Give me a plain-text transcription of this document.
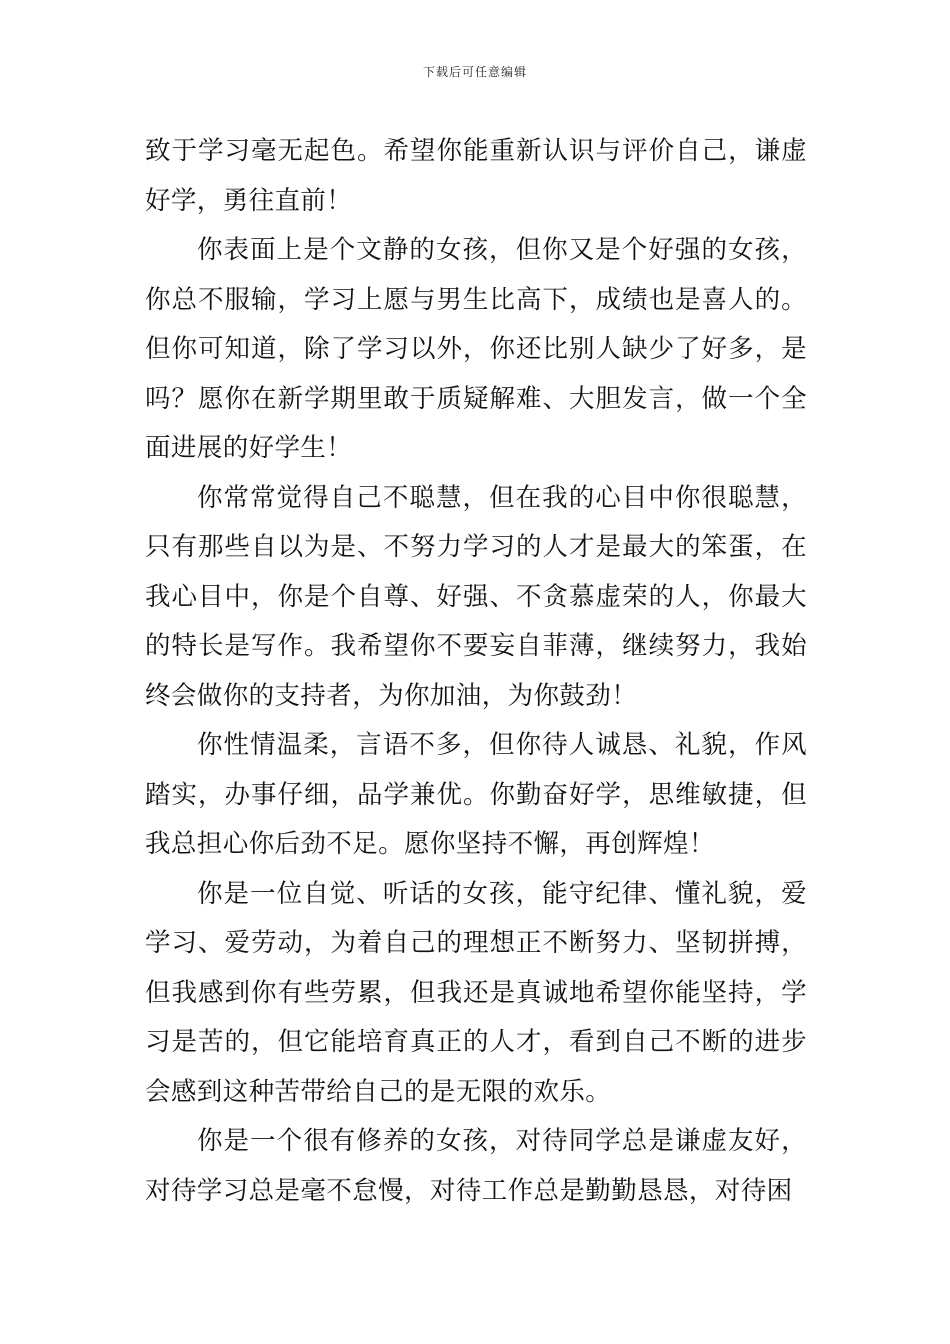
下载后可任意编辑

致于学习毫无起色。希望你能重新认识与评价自己，谦虚好学，勇往直前！

你表面上是个文静的女孩，但你又是个好强的女孩，你总不服输，学习上愿与男生比高下，成绩也是喜人的。但你可知道，除了学习以外，你还比别人缺少了好多，是吗？愿你在新学期里敢于质疑解难、大胆发言，做一个全面进展的好学生！

你常常觉得自己不聪慧，但在我的心目中你很聪慧，只有那些自以为是、不努力学习的人才是最大的笨蛋，在我心目中，你是个自尊、好强、不贪慕虚荣的人，你最大的特长是写作。我希望你不要妄自菲薄，继续努力，我始终会做你的支持者，为你加油，为你鼓劲！

你性情温柔，言语不多，但你待人诚恳、礼貌，作风踏实，办事仔细，品学兼优。你勤奋好学，思维敏捷，但我总担心你后劲不足。愿你坚持不懈，再创辉煌！

你是一位自觉、听话的女孩，能守纪律、懂礼貌，爱学习、爱劳动，为着自己的理想正不断努力、坚韧拼搏，但我感到你有些劳累，但我还是真诚地希望你能坚持，学习是苦的，但它能培育真正的人才，看到自己不断的进步会感到这种苦带给自己的是无限的欢乐。

你是一个很有修养的女孩，对待同学总是谦虚友好，对待学习总是毫不怠慢，对待工作总是勤勤恳恳，对待困
